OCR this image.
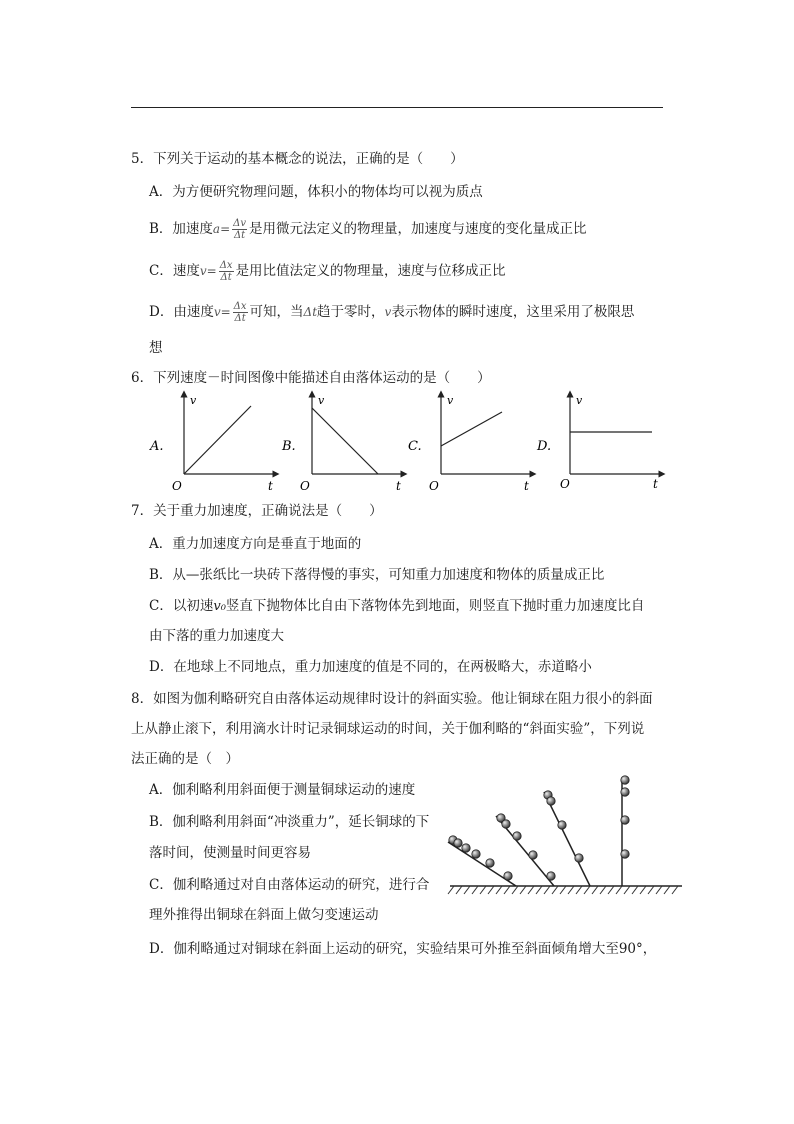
5．下列关于运动的基本概念的说法，正确的是（　　）
A．为方便研究物理问题，体积小的物体均可以视为质点
B．加速度$a= \frac{\Delta v}{\Delta t}$ 是用微元法定义的物理量，加速度与速度的变化量成正比
C．速度$v= \frac{\Delta x}{\Delta t}$ 是用比值法定义的物理量，速度与位移成正比
D．由速度$v= \frac{\Delta x}{\Delta t}$ 可知，当Δt趋于零时，v表示物体的瞬时速度，这里采用了极限思
想
6．下列速度－时间图像中能描述自由落体运动的是（　　）
A.
v
O	t
B.
v
O	t
C.
v
O	t
D.
v
O	t
7．关于重力加速度，正确说法是（　　）
A．重力加速度方向是垂直于地面的
B．从—张纸比一块砖下落得慢的事实，可知重力加速度和物体的质量成正比
C．以初速v₀竖直下抛物体比自由下落物体先到地面，则竖直下抛时重力加速度比自
由下落的重力加速度大
D．在地球上不同地点，重力加速度的值是不同的，在两极略大，赤道略小
8．如图为伽利略研究自由落体运动规律时设计的斜面实验。他让铜球在阻力很小的斜面
上从静止滚下，利用滴水计时记录铜球运动的时间，关于伽利略的“斜面实验”，下列说
法正确的是（　）
A．伽利略利用斜面便于测量铜球运动的速度
B．伽利略利用斜面“冲淡重力”，延长铜球的下
落时间，使测量时间更容易
C．伽利略通过对自由落体运动的研究，进行合
理外推得出铜球在斜面上做匀变速运动
D．伽利略通过对铜球在斜面上运动的研究，实验结果可外推至斜面倾角增大至90°，
